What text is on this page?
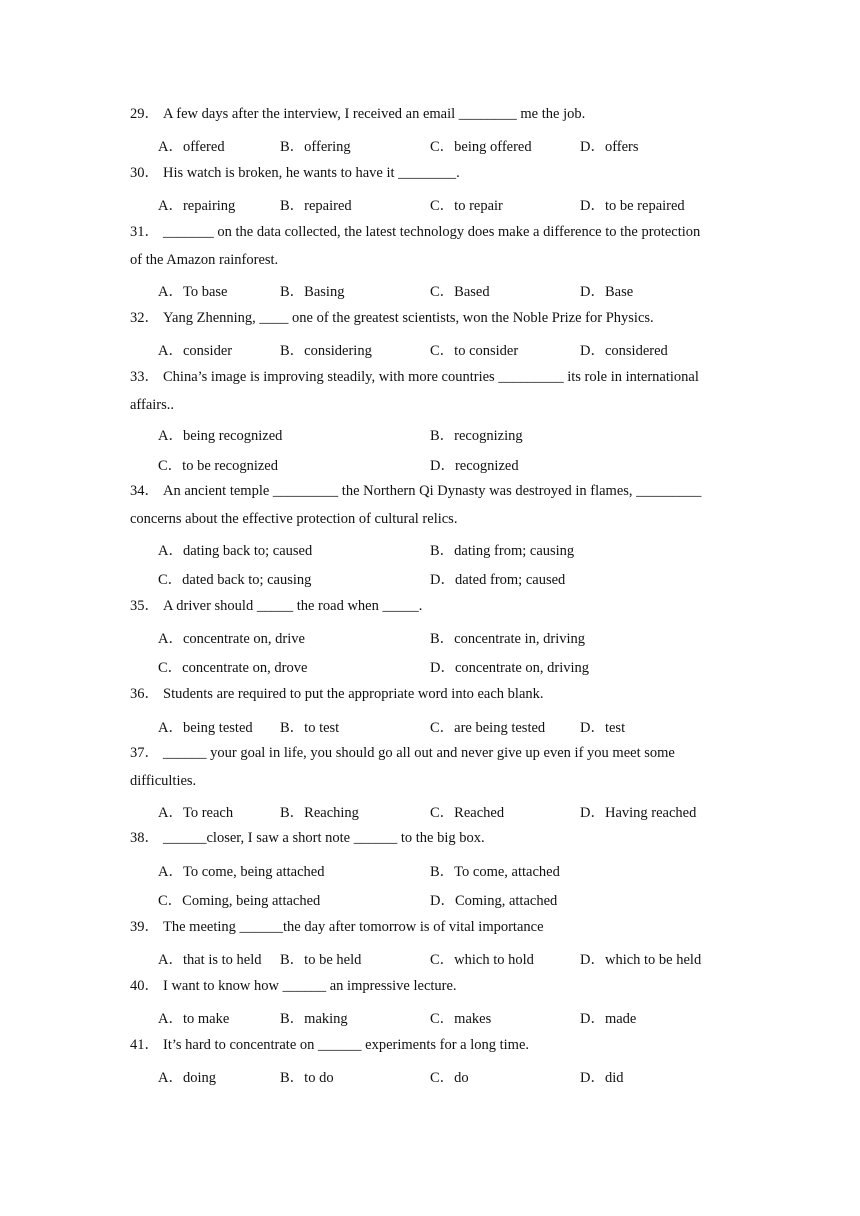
29． A few days after the interview, I received an email ________ me the job.
A．offered	B．offering	C．being offered	D．offers
30． His watch is broken, he wants to have it ________.
A．repairing	B．repaired	C．to repair	D．to be repaired
31． _______ on the data collected, the latest technology does make a difference to the protection
of the Amazon rainforest.
A．To base	B．Basing	C．Based	D．Base
32． Yang Zhenning, ____ one of the greatest scientists, won the Noble Prize for Physics.
A．consider	B．considering	C．to consider	D．considered
33． China’s image is improving steadily, with more countries _________ its role in international
affairs..
A．being recognized	B．recognizing
C．to be recognized	D．recognized
34． An ancient temple _________ the Northern Qi Dynasty was destroyed in flames, _________
concerns about the effective protection of cultural relics.
A．dating back to; caused	B．dating from; causing
C．dated back to; causing	D．dated from; caused
35． A driver should _____ the road when _____.
A．concentrate on, drive	B．concentrate in, driving
C．concentrate on, drove	D．concentrate on, driving
36． Students are required to put the appropriate word into each blank.
A．being tested B．to test	C．are being tested D．test
37． ______ your goal in life, you should go all out and never give up even if you meet some
difficulties.
A．To reach	B．Reaching	C．Reached	D．Having reached
38． ______closer, I saw a short note ______ to the big box.
A．To come, being attached	B．To come, attached
C．Coming, being attached	D．Coming, attached
39． The meeting ______the day after tomorrow is of vital importance
A．that is to held B．to be held	C．which to hold	D．which to be held
40． I want to know how ______ an impressive lecture.
A．to make	B．making	C．makes	D．made
41． It’s hard to concentrate on ______ experiments for a long time.
A．doing	B．to do	C．do	D．did
